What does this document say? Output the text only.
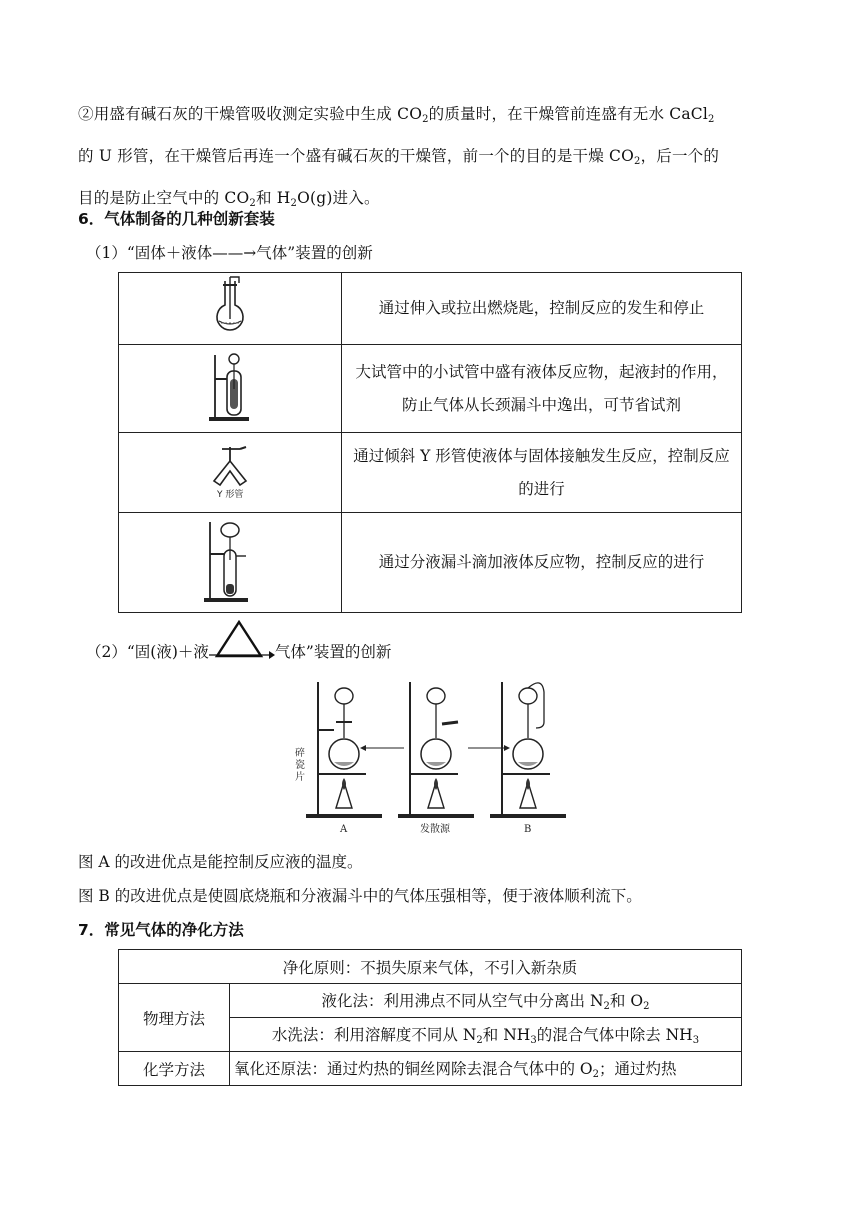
②用盛有碱石灰的干燥管吸收测定实验中生成 $CO_2$的质量时，在干燥管前连盛有无水 CaCl$_2$
的 U 形管，在干燥管后再连一个盛有碱石灰的干燥管，前一个的目的是干燥 $CO_2$，后一个的
目的是防止空气中的 $CO_2$和 $H_2O(g)$进入。
6．气体制备的几种创新套装
（1）“固体＋液体——→气体”装置的创新
	通过伸入或拉出燃烧匙，控制反应的发生和停止
	大试管中的小试管中盛有液体反应物，起液封的作用，防止气体从长颈漏斗中逸出，可节省试剂

Y 形管	通过倾斜 Y 形管使液体与固体接触发生反应，控制反应的进行
	通过分液漏斗滴加液体反应物，控制反应的进行
（2）“固(液)＋液	气体”装置的创新
碎瓷片
A	发散源	B
图 A 的改进优点是能控制反应液的温度。
图 B 的改进优点是使圆底烧瓶和分液漏斗中的气体压强相等，便于液体顺利流下。
7．常见气体的净化方法
净化原则：不损失原来气体，不引入新杂质	
物理方法	液化法：利用沸点不同从空气中分离出 $N_2$和 $O_2$
	水洗法：利用溶解度不同从 $N_2$和 $NH_3$的混合气体中除去 $NH_3$
化学方法	氧化还原法：通过灼热的铜丝网除去混合气体中的 $O_2$；通过灼热
